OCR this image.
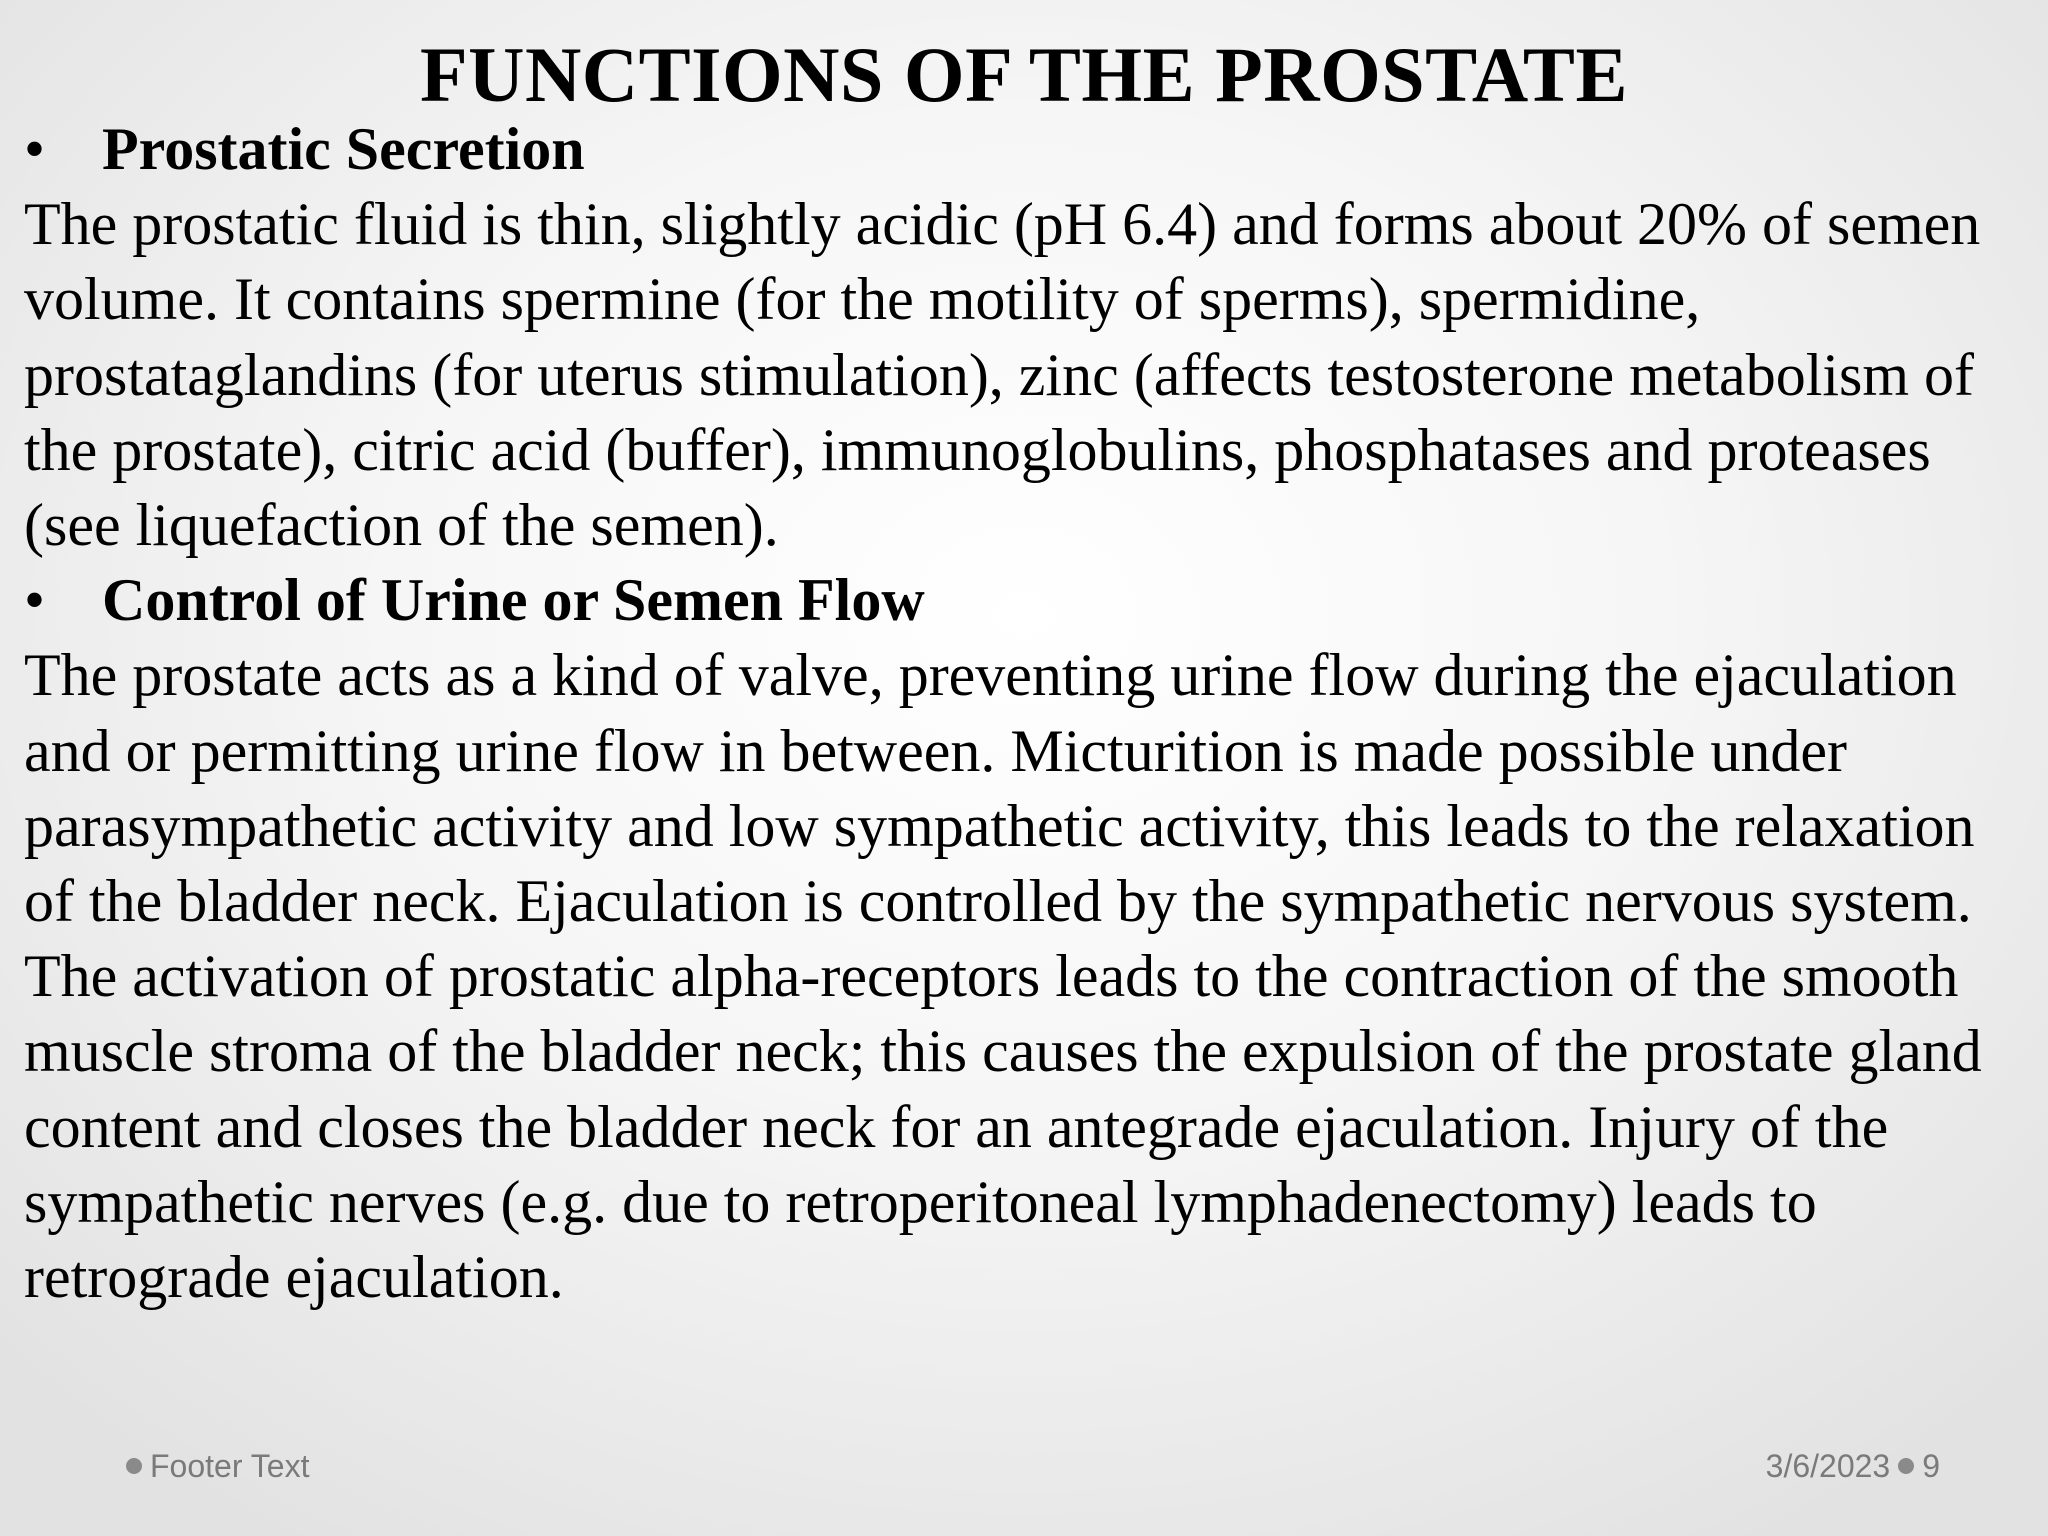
FUNCTIONS OF THE PROSTATE
• Prostatic Secretion

The prostatic fluid is thin, slightly acidic (pH 6.4) and forms about 20% of semen volume. It contains spermine (for the motility of sperms), spermidine, prostataglandins (for uterus stimulation), zinc (affects testosterone metabolism of the prostate), citric acid (buffer), immunoglobulins, phosphatases and proteases (see liquefaction of the semen).

• Control of Urine or Semen Flow

The prostate acts as a kind of valve, preventing urine flow during the ejaculation and or permitting urine flow in between. Micturition is made possible under parasympathetic activity and low sympathetic activity, this leads to the relaxation of the bladder neck. Ejaculation is controlled by the sympathetic nervous system. The activation of prostatic alpha-receptors leads to the contraction of the smooth muscle stroma of the bladder neck; this causes the expulsion of the prostate gland content and closes the bladder neck for an antegrade ejaculation. Injury of the sympathetic nerves (e.g. due to retroperitoneal lymphadenectomy) leads to retrograde ejaculation.

Footer Text	3/6/2023 9
